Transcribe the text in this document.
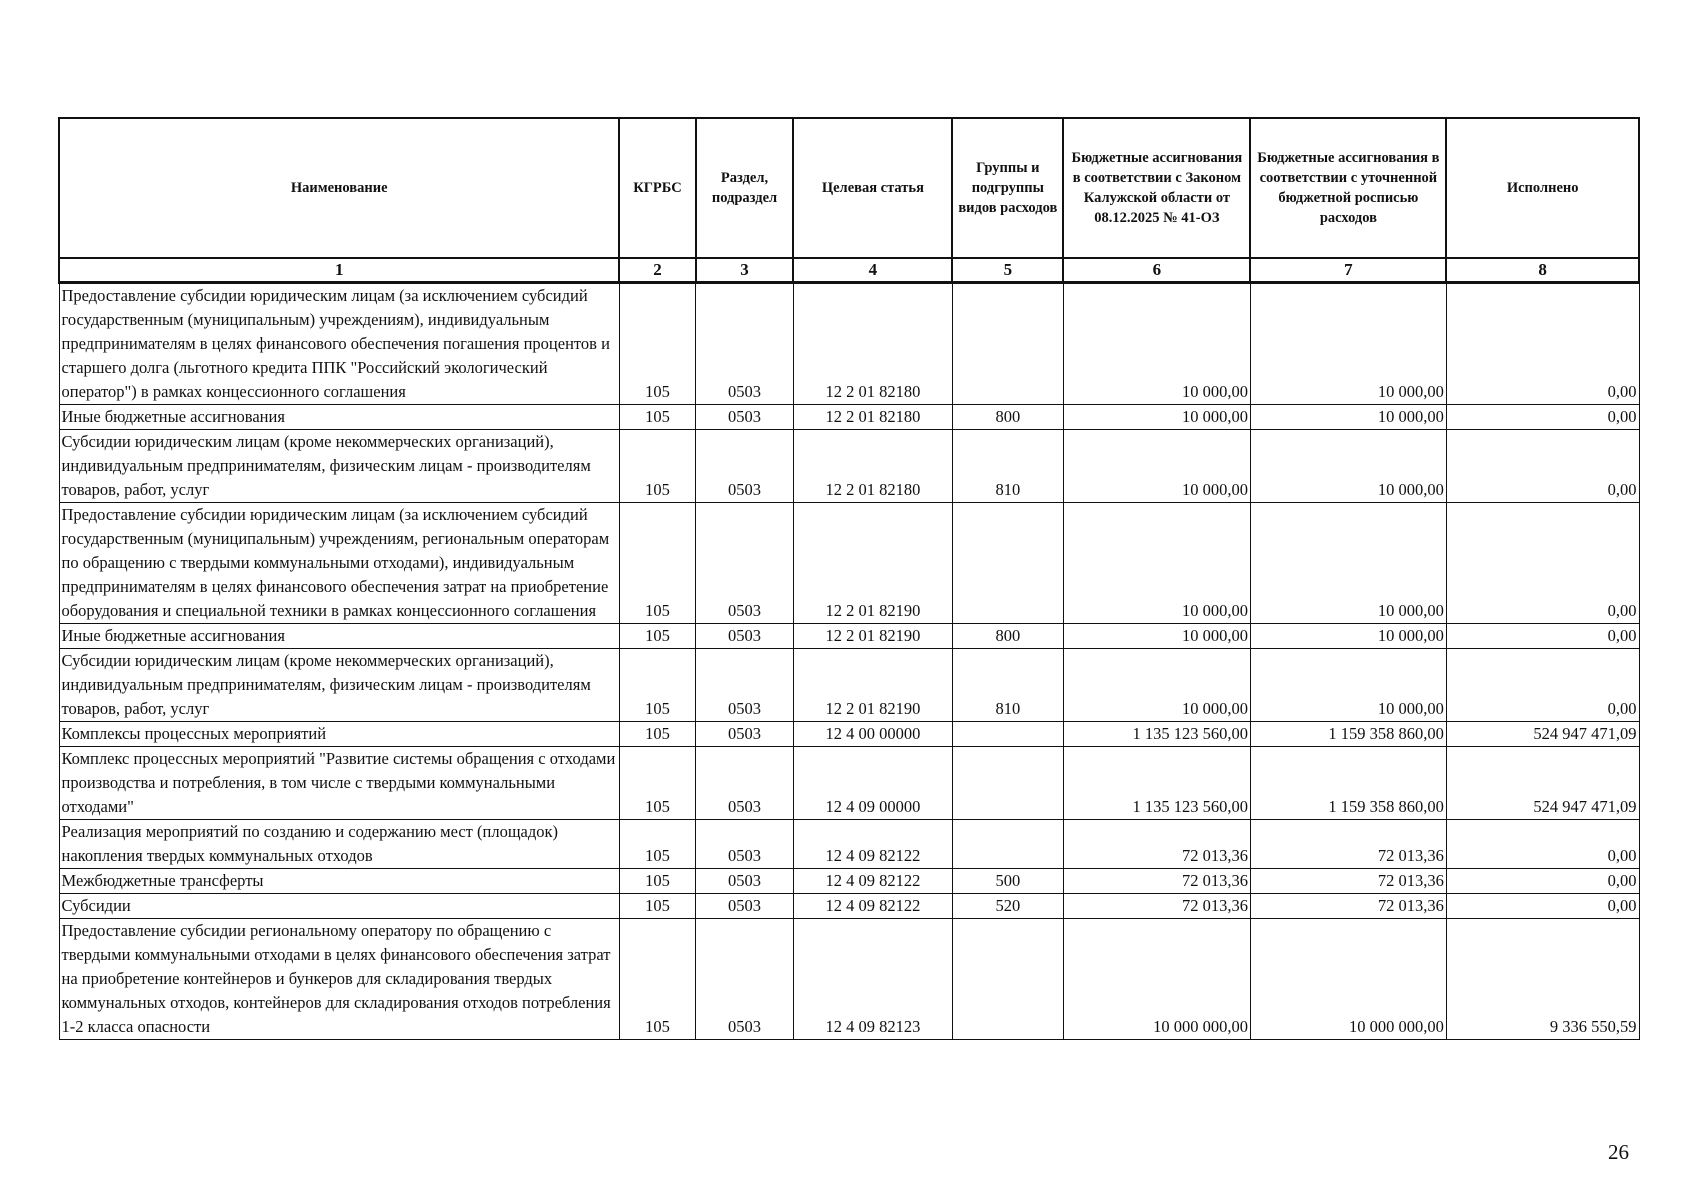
Наименование	КГРБС	Раздел, подраздел	Целевая статья	Группы и подгруппы видов расходов	Бюджетные ассигнования в соответствии с Законом Калужской области от 08.12.2025 № 41-ОЗ	Бюджетные ассигнования в соответствии с уточненной бюджетной росписью расходов	Исполнено
1	2	3	4	5	6	7	8
Предоставление субсидии юридическим лицам (за исключением субсидий государственным (муниципальным) учреждениям), индивидуальным предпринимателям в целях финансового обеспечения погашения процентов и старшего долга (льготного кредита ППК "Российский экологический оператор") в рамках концессионного соглашения	105	0503	12 2 01 82180		10 000,00	10 000,00	0,00
Иные бюджетные ассигнования	105	0503	12 2 01 82180	800	10 000,00	10 000,00	0,00
Субсидии юридическим лицам (кроме некоммерческих организаций), индивидуальным предпринимателям, физическим лицам - производителям товаров, работ, услуг	105	0503	12 2 01 82180	810	10 000,00	10 000,00	0,00
Предоставление субсидии юридическим лицам (за исключением субсидий государственным (муниципальным) учреждениям, региональным операторам по обращению с твердыми коммунальными отходами), индивидуальным предпринимателям в целях финансового обеспечения затрат на приобретение оборудования и специальной техники в рамках концессионного соглашения	105	0503	12 2 01 82190		10 000,00	10 000,00	0,00
Иные бюджетные ассигнования	105	0503	12 2 01 82190	800	10 000,00	10 000,00	0,00
Субсидии юридическим лицам (кроме некоммерческих организаций), индивидуальным предпринимателям, физическим лицам - производителям товаров, работ, услуг	105	0503	12 2 01 82190	810	10 000,00	10 000,00	0,00
Комплексы процессных мероприятий	105	0503	12 4 00 00000		1 135 123 560,00	1 159 358 860,00	524 947 471,09
Комплекс процессных мероприятий "Развитие системы обращения с отходами производства и потребления, в том числе с твердыми коммунальными отходами"	105	0503	12 4 09 00000		1 135 123 560,00	1 159 358 860,00	524 947 471,09
Реализация мероприятий по созданию и содержанию мест (площадок) накопления твердых коммунальных отходов	105	0503	12 4 09 82122		72 013,36	72 013,36	0,00
Межбюджетные трансферты	105	0503	12 4 09 82122	500	72 013,36	72 013,36	0,00
Субсидии	105	0503	12 4 09 82122	520	72 013,36	72 013,36	0,00
Предоставление субсидии региональному оператору по обращению с твердыми коммунальными отходами в целях финансового обеспечения затрат на приобретение контейнеров и бункеров для складирования твердых коммунальных отходов, контейнеров для складирования отходов потребления 1-2 класса опасности	105	0503	12 4 09 82123		10 000 000,00	10 000 000,00	9 336 550,59
26
